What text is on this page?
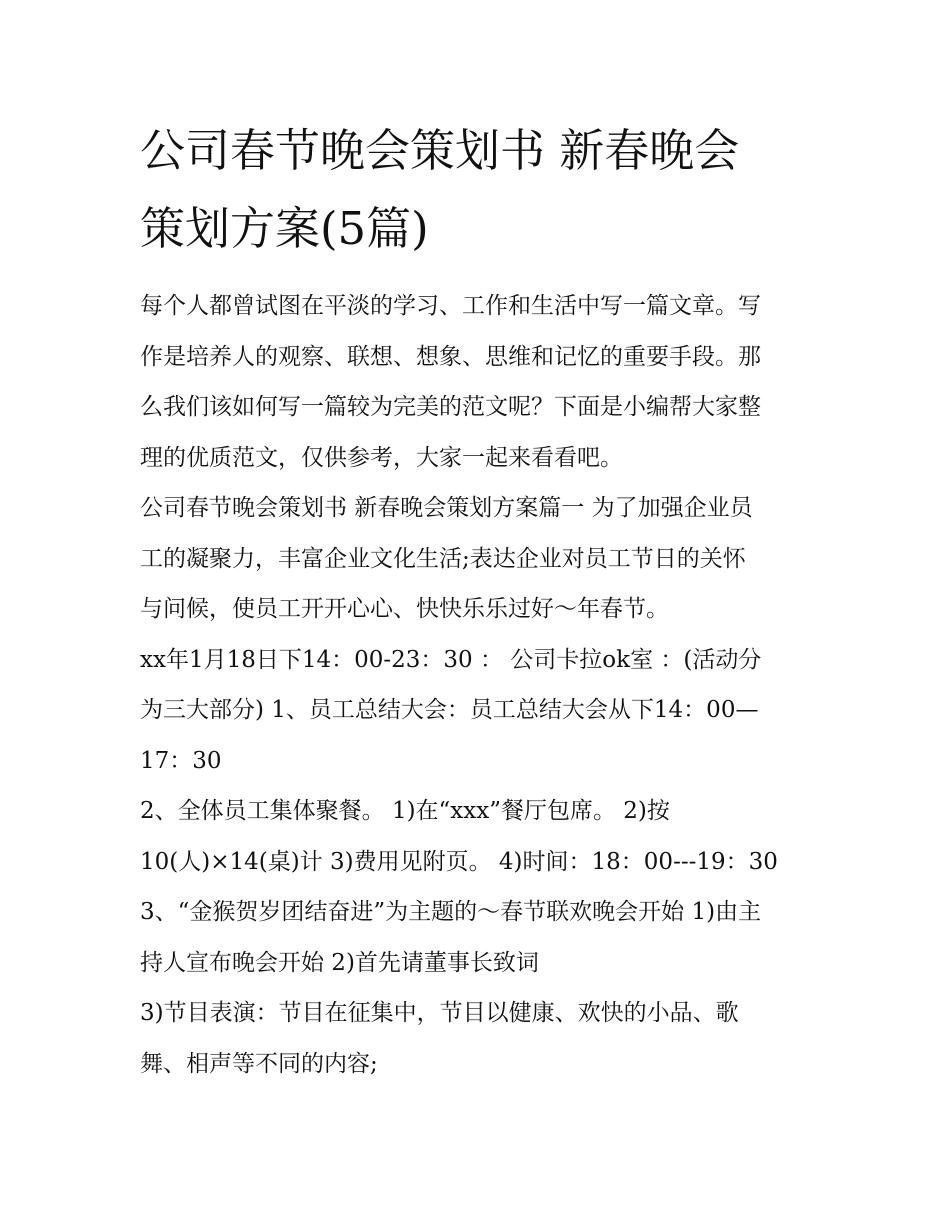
公司春节晚会策划书 新春晚会
策划方案(5篇)

每个人都曾试图在平淡的学习、工作和生活中写一篇文章。写
作是培养人的观察、联想、想象、思维和记忆的重要手段。那
么我们该如何写一篇较为完美的范文呢？下面是小编帮大家整
理的优质范文，仅供参考，大家一起来看看吧。

公司春节晚会策划书 新春晚会策划方案篇一 为了加强企业员
工的凝聚力，丰富企业文化生活;表达企业对员工节日的关怀
与问候，使员工开开心心、快快乐乐过好～年春节。

xx年1月18日下14：00-23：30 ： 公司卡拉ok室 ：(活动分
为三大部分) 1、员工总结大会：员工总结大会从下14：00—
17：30

2、全体员工集体聚餐。 1)在“xxx”餐厅包席。 2)按
10(人)×14(桌)计 3)费用见附页。 4)时间：18：00---19：30

3、“金猴贺岁团结奋进”为主题的～春节联欢晚会开始 1)由主
持人宣布晚会开始 2)首先请董事长致词

3)节目表演：节目在征集中，节目以健康、欢快的小品、歌
舞、相声等不同的内容;
